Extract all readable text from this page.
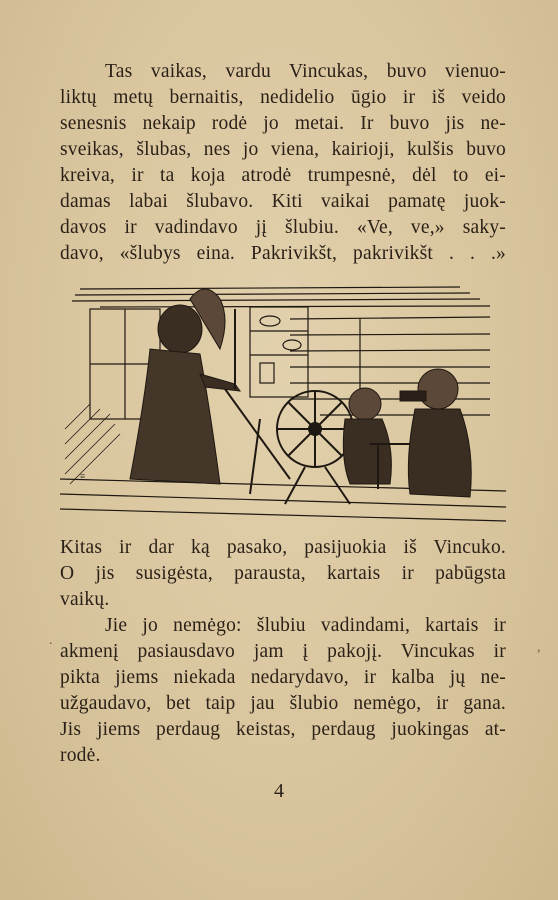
Tas vaikas, vardu Vincukas, buvo vienuo-
liktų metų bernaitis, nedidelio ūgio ir iš veido
senesnis nekaip rodė jo metai. Ir buvo jis ne-
sveikas, šlubas, nes jo viena, kairioji, kulšis buvo
kreiva, ir ta koja atrodė trumpesnė, dėl to ei-
damas labai šlubavo. Kiti vaikai pamatę juok-
davos ir vadindavo jį šlubiu. «Ve, ve,» saky-
davo, «šlubys eina. Pakrivikšt, pakrivikšt . . .»
≡
Kitas ir dar ką pasako, pasijuokia iš Vincuko.
O jis susigėsta, parausta, kartais ir pabūgsta
vaikų.
Jie jo nemėgo: šlubiu vadindami, kartais ir
akmenį pasiausdavo jam į pakojį. Vincukas ir
pikta jiems niekada nedarydavo, ir kalba jų ne-
užgaudavo, bet taip jau šlubio nemėgo, ir gana.
Jis jiems perdaug keistas, perdaug juokingas at-
rodė.
4
.	,
